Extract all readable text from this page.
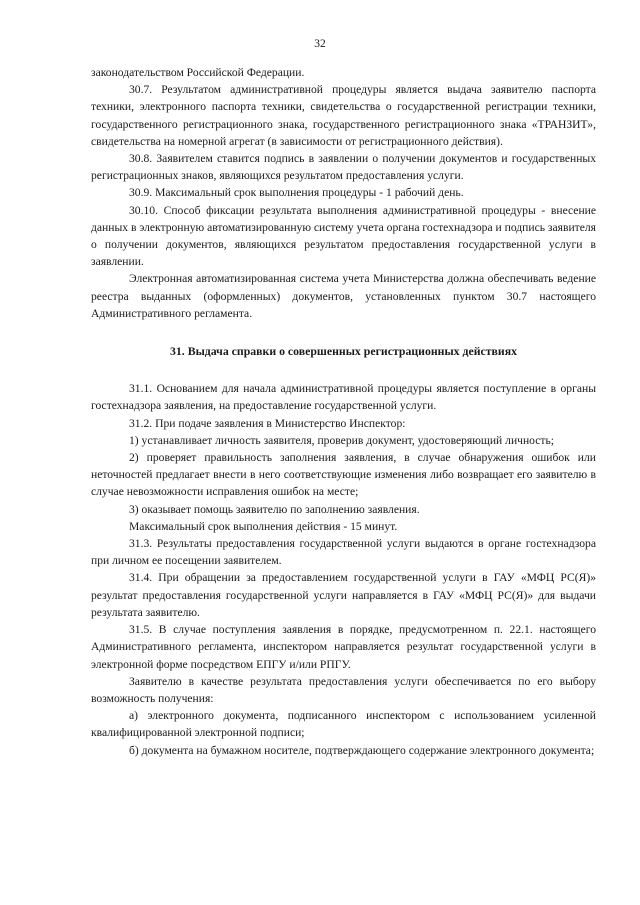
32

законодательством Российской Федерации.

30.7. Результатом административной процедуры является выдача заявителю паспорта техники, электронного паспорта техники, свидетельства о государственной регистрации техники, государственного регистрационного знака, государственного регистрационного знака «ТРАНЗИТ», свидетельства на номерной агрегат (в зависимости от регистрационного действия).

30.8. Заявителем ставится подпись в заявлении о получении документов и государственных регистрационных знаков, являющихся результатом предоставления услуги.

30.9. Максимальный срок выполнения процедуры - 1 рабочий день.

30.10. Способ фиксации результата выполнения административной процедуры - внесение данных в электронную автоматизированную систему учета органа гостехнадзора и подпись заявителя о получении документов, являющихся результатом предоставления государственной услуги в заявлении.

Электронная автоматизированная система учета Министерства должна обеспечивать ведение реестра выданных (оформленных) документов, установленных пунктом 30.7 настоящего Административного регламента.

31. Выдача справки о совершенных регистрационных действиях

31.1. Основанием для начала административной процедуры является поступление в органы гостехнадзора заявления, на предоставление государственной услуги.

31.2. При подаче заявления в Министерство Инспектор:

1) устанавливает личность заявителя, проверив документ, удостоверяющий личность;

2) проверяет правильность заполнения заявления, в случае обнаружения ошибок или неточностей предлагает внести в него соответствующие изменения либо возвращает его заявителю в случае невозможности исправления ошибок на месте;

3) оказывает помощь заявителю по заполнению заявления.

Максимальный срок выполнения действия - 15 минут.

31.3. Результаты предоставления государственной услуги выдаются в органе гостехнадзора при личном ее посещении заявителем.

31.4. При обращении за предоставлением государственной услуги в ГАУ «МФЦ РС(Я)» результат предоставления государственной услуги направляется в ГАУ «МФЦ РС(Я)» для выдачи результата заявителю.

31.5. В случае поступления заявления в порядке, предусмотренном п. 22.1. настоящего Административного регламента, инспектором направляется результат государственной услуги в электронной форме посредством ЕПГУ и/или РПГУ.

Заявителю в качестве результата предоставления услуги обеспечивается по его выбору возможность получения:

а) электронного документа, подписанного инспектором с использованием усиленной квалифицированной электронной подписи;

б) документа на бумажном носителе, подтверждающего содержание электронного документа;
